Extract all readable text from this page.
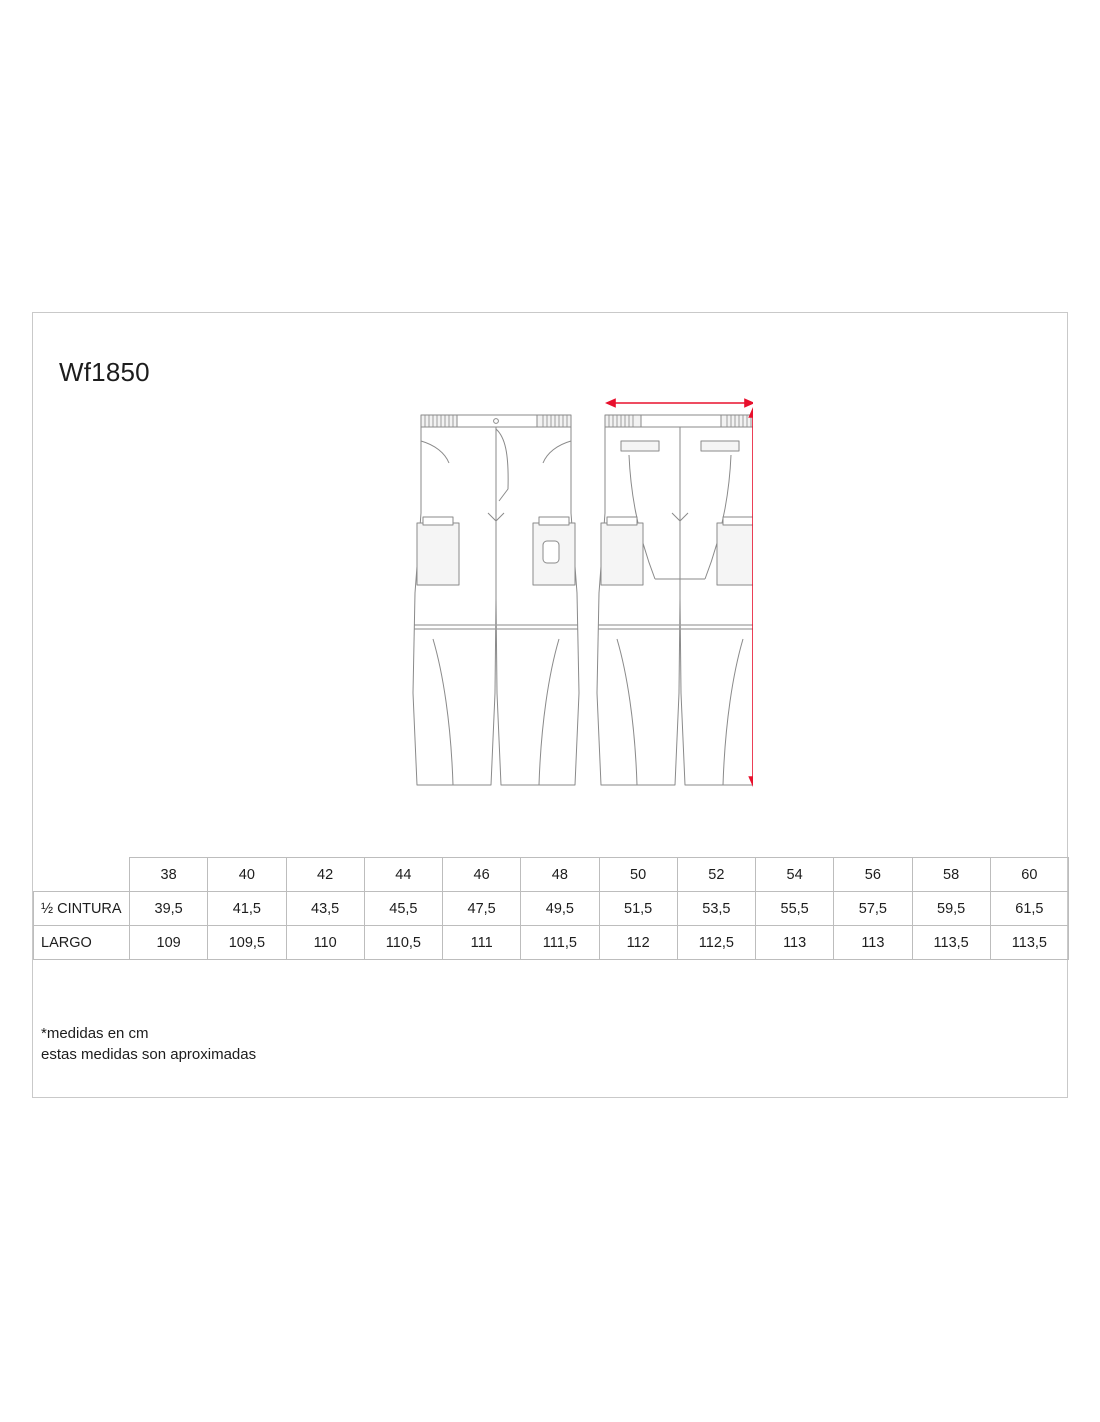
Wf1850
	38	40	42	44	46	48	50	52	54	56	58	60
½ CINTURA	39,5	41,5	43,5	45,5	47,5	49,5	51,5	53,5	55,5	57,5	59,5	61,5
LARGO	109	109,5	110	110,5	111	111,5	112	112,5	113	113	113,5	113,5
*medidas en cm
estas medidas son aproximadas
